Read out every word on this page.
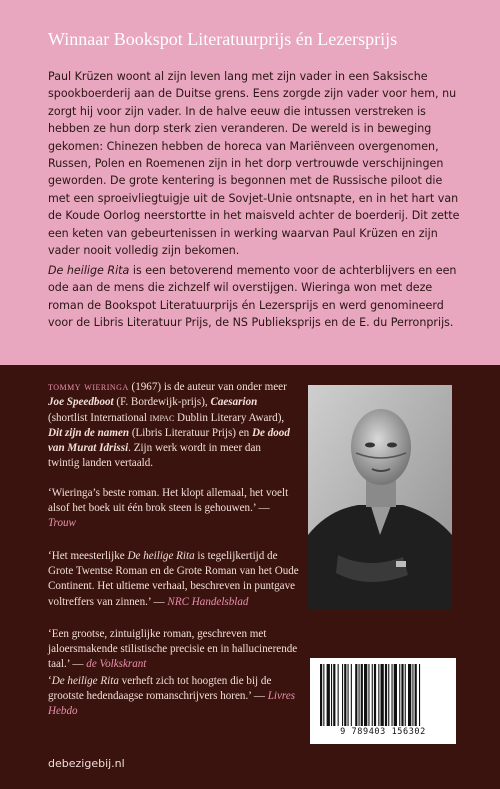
Winnaar Bookspot Literatuurprijs én Lezersprijs

Paul Krüzen woont al zijn leven lang met zijn vader in een Saksische spookboerderij aan de Duitse grens. Eens zorgde zijn vader voor hem, nu zorgt hij voor zijn vader. In de halve eeuw die intussen verstreken is hebben ze hun dorp sterk zien veranderen. De wereld is in beweging gekomen: Chinezen hebben de horeca van Mariënveen overgenomen, Russen, Polen en Roemenen zijn in het dorp vertrouwde verschijningen geworden. De grote kentering is begonnen met de Russische piloot die met een sproeivliegtuigje uit de Sovjet-Unie ontsnapte, en in het hart van de Koude Oorlog neerstortte in het maisveld achter de boerderij. Dit zette een keten van gebeurtenissen in werking waarvan Paul Krüzen en zijn vader nooit volledig zijn bekomen.

De heilige Rita is een betoverend memento voor de achterblijvers en een ode aan de mens die zichzelf wil overstijgen. Wieringa won met deze roman de Bookspot Literatuurprijs én Lezersprijs en werd genomineerd voor de Libris Literatuur Prijs, de NS Publieksprijs en de E. du Perronprijs.

tommy wieringa (1967) is de auteur van onder meer Joe Speedboot (F. Bordewijk-prijs), Caesarion (shortlist International impac Dublin Literary Award), Dit zijn de namen (Libris Literatuur Prijs) en De dood van Murat Idrissi. Zijn werk wordt in meer dan twintig landen vertaald.

‘Wieringa’s beste roman. Het klopt allemaal, het voelt alsof het boek uit één brok steen is gehouwen.’ — Trouw

‘Het meesterlijke De heilige Rita is tegelijkertijd de Grote Twentse Roman en de Grote Roman van het Oude Continent. Het ultieme verhaal, beschreven in puntgave voltreffers van zinnen.’ — NRC Handelsblad

‘Een grootse, zintuiglijke roman, geschreven met jaloersmakende stilistische precisie en in hallucinerende taal.’ — de Volkskrant

‘De heilige Rita verheft zich tot hoogten die bij de grootste hedendaagse romanschrijvers horen.’ — Livres Hebdo

9 789403 156302
debezigebij.nl
